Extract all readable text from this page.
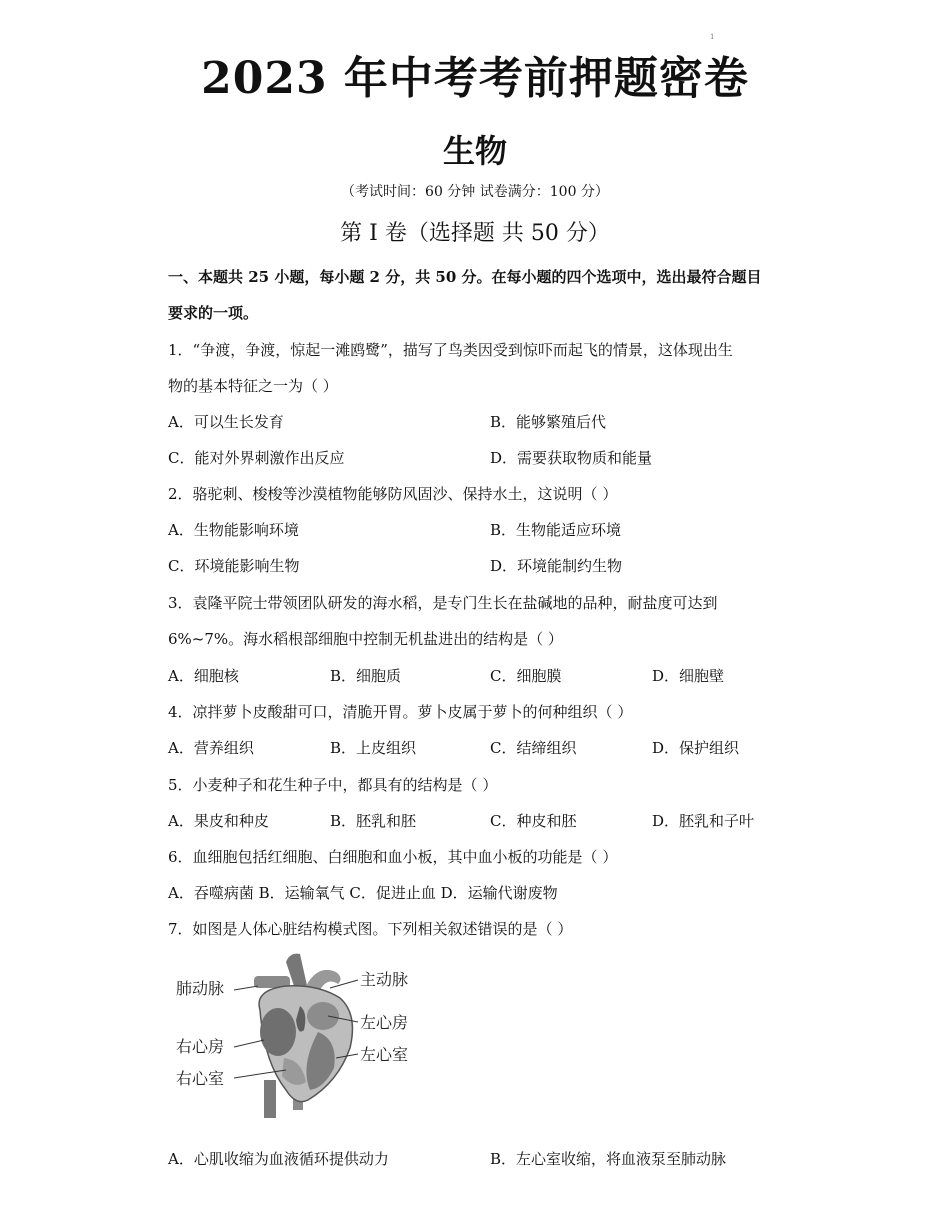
1
2023 年中考考前押题密卷
生物
（考试时间：60 分钟 试卷满分：100 分）
第 I 卷（选择题 共 50 分）
一、本题共 25 小题，每小题 2 分，共 50 分。在每小题的四个选项中，选出最符合题目
要求的一项。
1．“争渡，争渡，惊起一滩鸥鹭”，描写了鸟类因受到惊吓而起飞的情景，这体现出生
物的基本特征之一为（ ）
A．可以生长发育	B．能够繁殖后代
C．能对外界刺激作出反应	D．需要获取物质和能量
2．骆驼刺、梭梭等沙漠植物能够防风固沙、保持水土，这说明（ ）
A．生物能影响环境	B．生物能适应环境
C．环境能影响生物	D．环境能制约生物
3．袁隆平院士带领团队研发的海水稻，是专门生长在盐碱地的品种，耐盐度可达到
6%~7%。海水稻根部细胞中控制无机盐进出的结构是（ ）
A．细胞核	B．细胞质	C．细胞膜	D．细胞壁
4．凉拌萝卜皮酸甜可口，清脆开胃。萝卜皮属于萝卜的何种组织（ ）
A．营养组织	B．上皮组织	C．结缔组织	D．保护组织
5．小麦种子和花生种子中，都具有的结构是（ ）
A．果皮和种皮	B．胚乳和胚	C．种皮和胚	D．胚乳和子叶
6．血细胞包括红细胞、白细胞和血小板，其中血小板的功能是（ ）
A．吞噬病菌 B．运输氧气 C．促进止血 D．运输代谢废物
7．如图是人体心脏结构模式图。下列相关叙述错误的是（ ）
肺动脉	主动脉
左心房
右心房	左心室
右心室
A．心肌收缩为血液循环提供动力	B．左心室收缩，将血液泵至肺动脉
